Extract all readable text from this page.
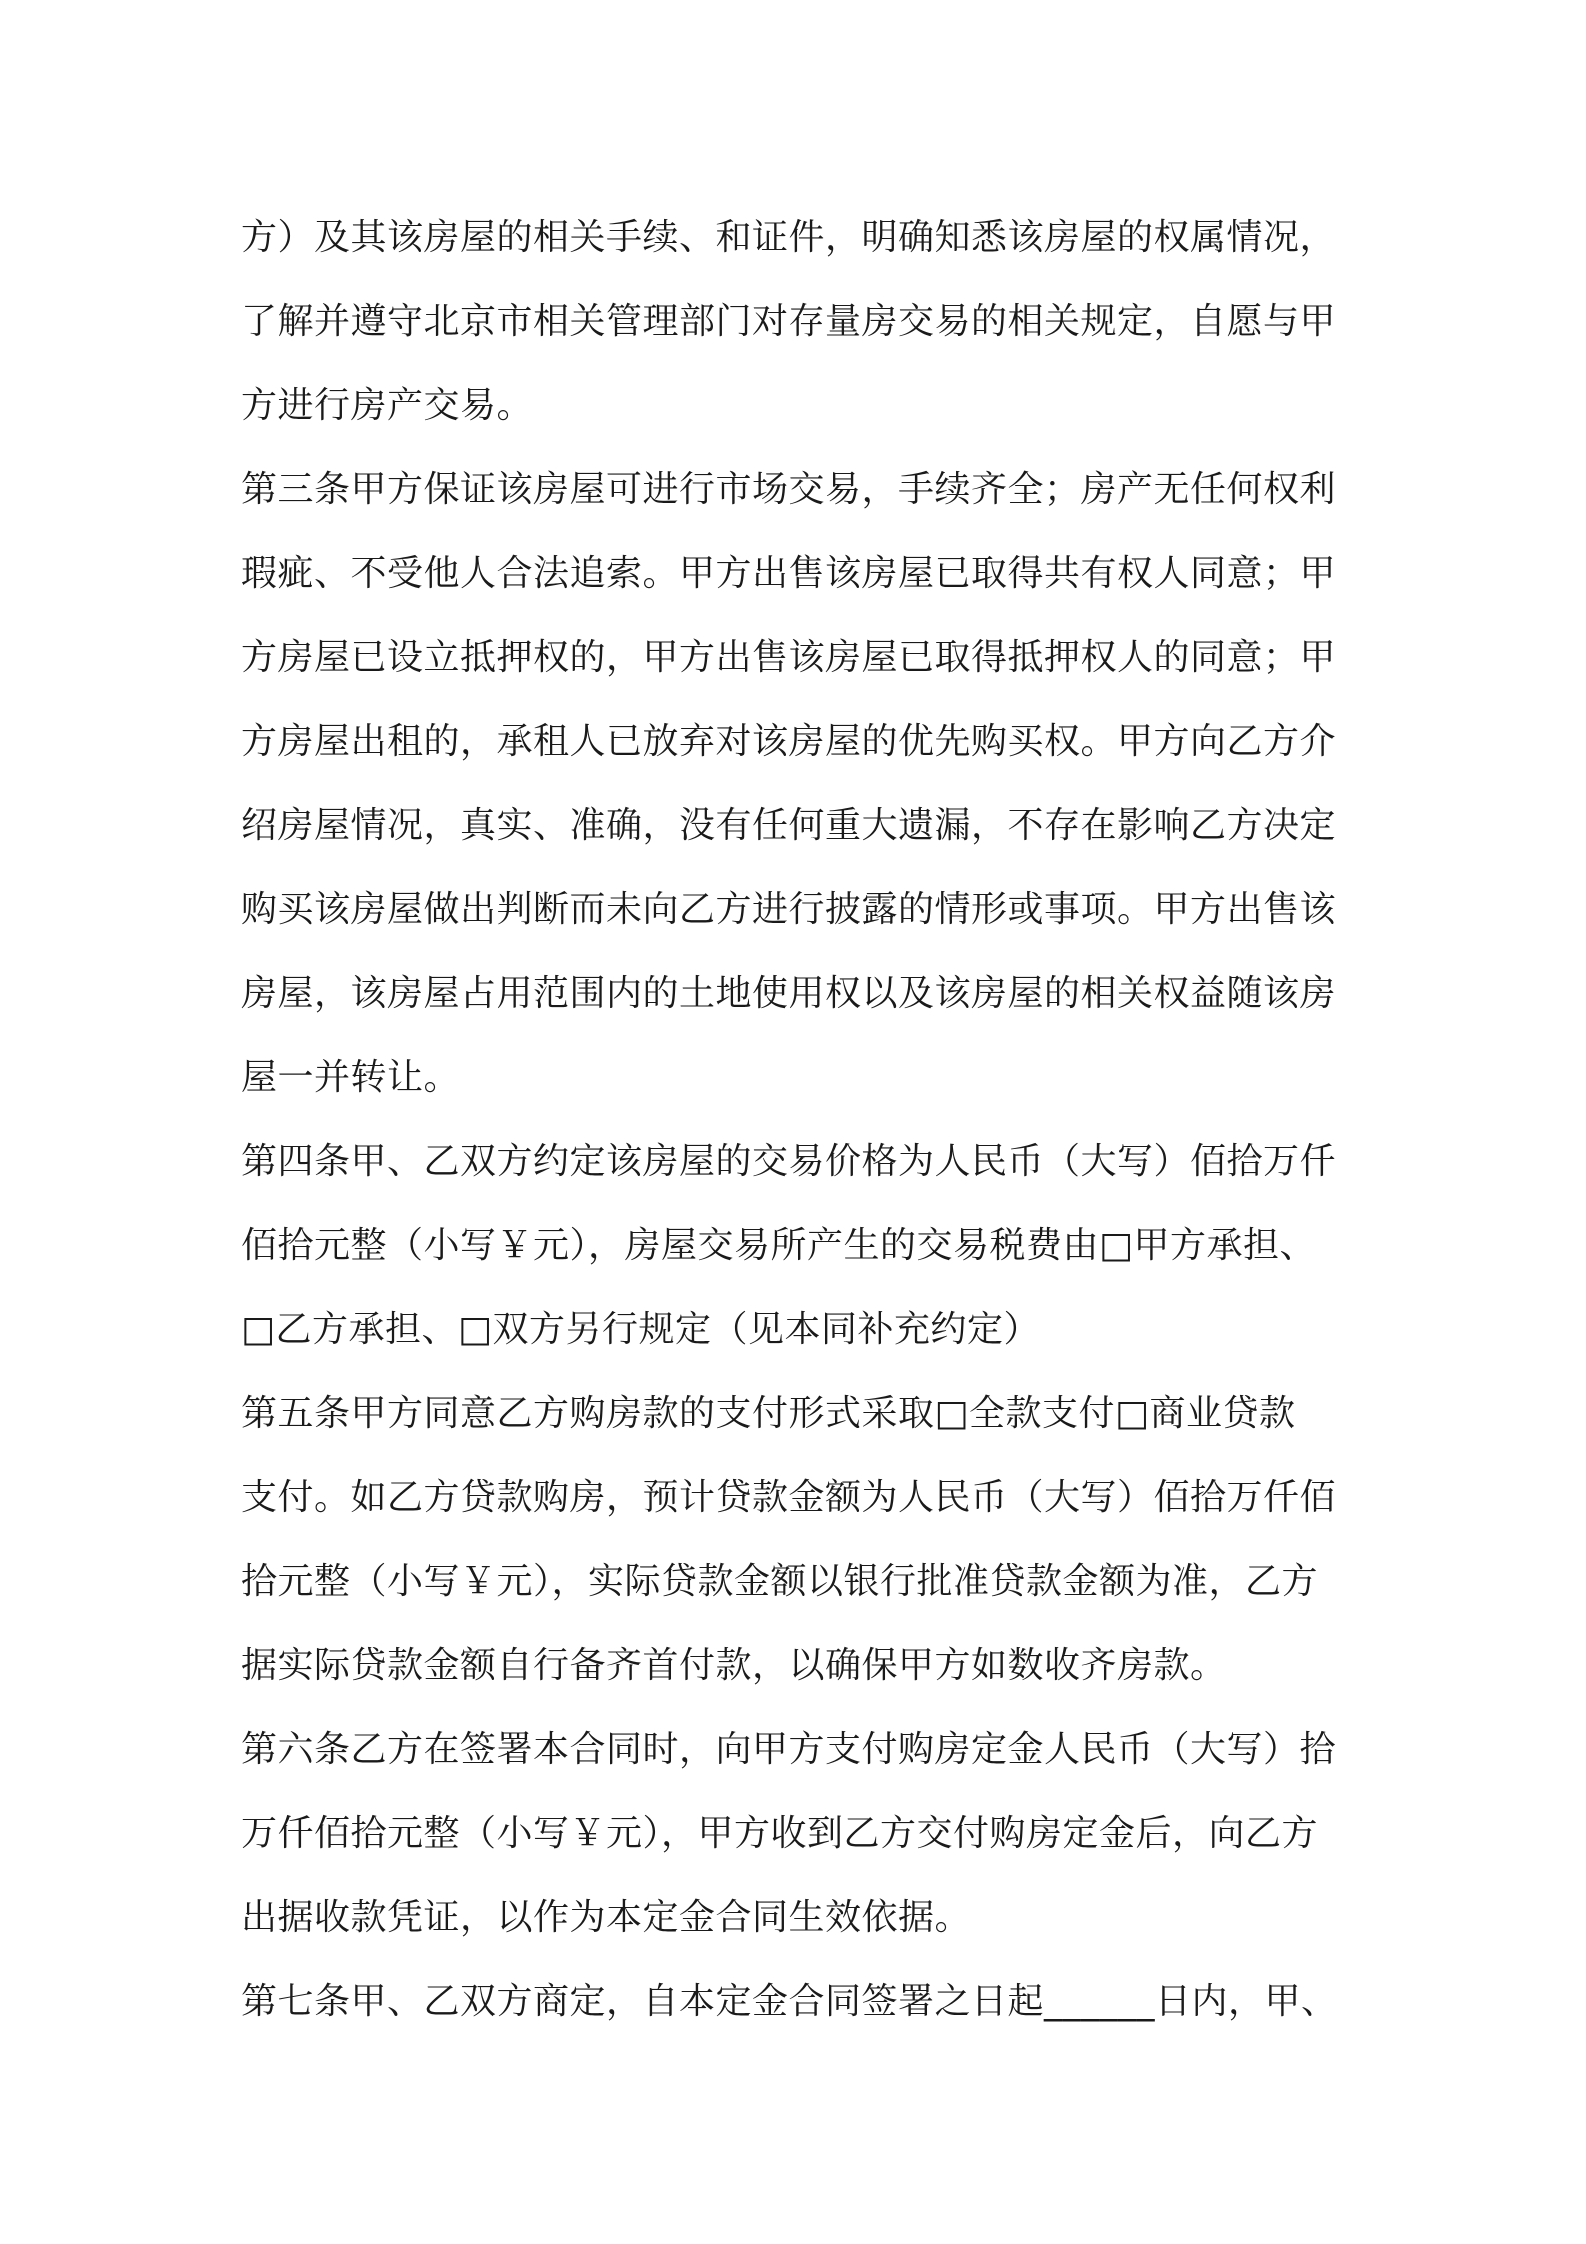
方）及其该房屋的相关手续、和证件，明确知悉该房屋的权属情况，
了解并遵守北京市相关管理部门对存量房交易的相关规定，自愿与甲
方进行房产交易。
第三条甲方保证该房屋可进行市场交易，手续齐全；房产无任何权利
瑕疵、不受他人合法追索。甲方出售该房屋已取得共有权人同意；甲
方房屋已设立抵押权的，甲方出售该房屋已取得抵押权人的同意；甲
方房屋出租的，承租人已放弃对该房屋的优先购买权。甲方向乙方介
绍房屋情况，真实、准确，没有任何重大遗漏，不存在影响乙方决定
购买该房屋做出判断而未向乙方进行披露的情形或事项。甲方出售该
房屋，该房屋占用范围内的土地使用权以及该房屋的相关权益随该房
屋一并转让。
第四条甲、乙双方约定该房屋的交易价格为人民币（大写）佰拾万仟
佰拾元整（小写￥元），房屋交易所产生的交易税费由□甲方承担、
□乙方承担、□双方另行规定（见本同补充约定）
第五条甲方同意乙方购房款的支付形式采取□全款支付□商业贷款
支付。如乙方贷款购房，预计贷款金额为人民币（大写）佰拾万仟佰
拾元整（小写￥元），实际贷款金额以银行批准贷款金额为准，乙方
据实际贷款金额自行备齐首付款，以确保甲方如数收齐房款。
第六条乙方在签署本合同时，向甲方支付购房定金人民币（大写）拾
万仟佰拾元整（小写￥元），甲方收到乙方交付购房定金后，向乙方
出据收款凭证，以作为本定金合同生效依据。
第七条甲、乙双方商定，自本定金合同签署之日起______日内，甲、
